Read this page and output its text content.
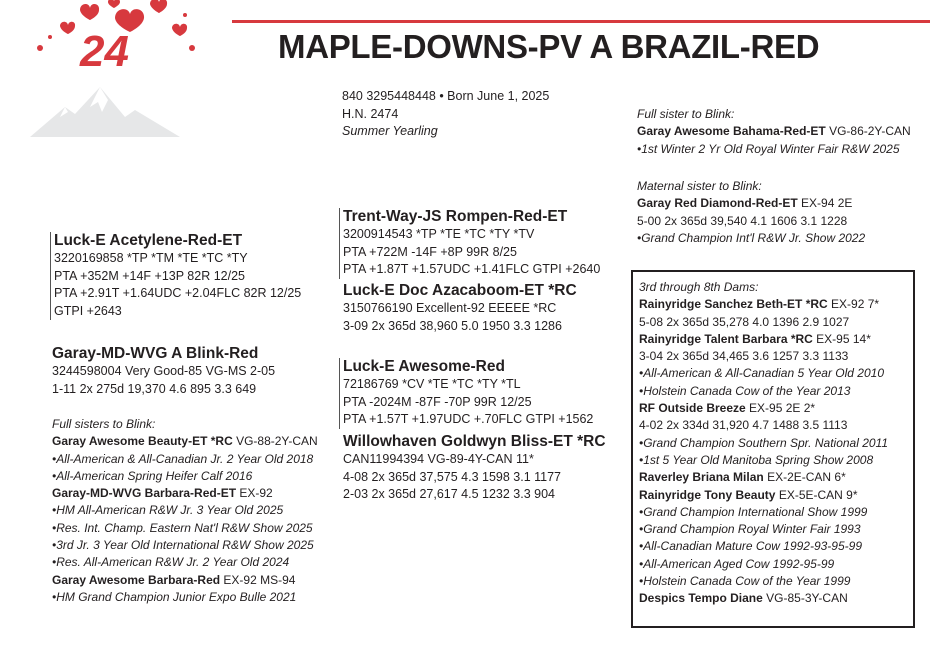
24	MAPLE-DOWNS-PV A BRAZIL-RED
840 3295448448 • Born June 1, 2025
H.N. 2474
Summer Yearling
Luck-E Acetylene-Red-ET
3220169858 *TP *TM *TE *TC *TY
PTA +352M +14F +13P 82R 12/25
PTA +2.91T +1.64UDC +2.04FLC 82R 12/25
GTPI +2643
Garay-MD-WVG A Blink-Red
3244598004 Very Good-85 VG-MS 2-05
1-11 2x 275d 19,370 4.6 895 3.3 649
Full sisters to Blink:
Garay Awesome Beauty-ET *RC VG-88-2Y-CAN
•All-American & All-Canadian Jr. 2 Year Old 2018
•All-American Spring Heifer Calf 2016
Garay-MD-WVG Barbara-Red-ET EX-92
•HM All-American R&W Jr. 3 Year Old 2025
•Res. Int. Champ. Eastern Nat'l R&W Show 2025
•3rd Jr. 3 Year Old International R&W Show 2025
•Res. All-American R&W Jr. 2 Year Old 2024
Garay Awesome Barbara-Red EX-92 MS-94
•HM Grand Champion Junior Expo Bulle 2021
Trent-Way-JS Rompen-Red-ET
3200914543 *TP *TE *TC *TY *TV
PTA +722M -14F +8P 99R 8/25
PTA +1.87T +1.57UDC +1.41FLC GTPI +2640
Luck-E Doc Azacaboom-ET *RC
3150766190 Excellent-92 EEEEE *RC
3-09 2x 365d 38,960 5.0 1950 3.3 1286
Luck-E Awesome-Red
72186769 *CV *TE *TC *TY *TL
PTA -2024M -87F -70P 99R 12/25
PTA +1.57T +1.97UDC +.70FLC GTPI +1562
Willowhaven Goldwyn Bliss-ET *RC
CAN11994394 VG-89-4Y-CAN 11*
4-08 2x 365d 37,575 4.3 1598 3.1 1177
2-03 2x 365d 27,617 4.5 1232 3.3 904
Full sister to Blink:
Garay Awesome Bahama-Red-ET VG-86-2Y-CAN
•1st Winter 2 Yr Old Royal Winter Fair R&W 2025
Maternal sister to Blink:
Garay Red Diamond-Red-ET EX-94 2E
5-00 2x 365d 39,540 4.1 1606 3.1 1228
•Grand Champion Int'l R&W Jr. Show 2022
3rd through 8th Dams:
Rainyridge Sanchez Beth-ET *RC EX-92 7*
5-08 2x 365d 35,278 4.0 1396 2.9 1027
Rainyridge Talent Barbara *RC EX-95 14*
3-04 2x 365d 34,465 3.6 1257 3.3 1133
•All-American & All-Canadian 5 Year Old 2010
•Holstein Canada Cow of the Year 2013
RF Outside Breeze EX-95 2E 2*
4-02 2x 334d 31,920 4.7 1488 3.5 1113
•Grand Champion Southern Spr. National 2011
•1st 5 Year Old Manitoba Spring Show 2008
Raverley Briana Milan EX-2E-CAN 6*
Rainyridge Tony Beauty EX-5E-CAN 9*
•Grand Champion International Show 1999
•Grand Champion Royal Winter Fair 1993
•All-Canadian Mature Cow 1992-93-95-99
•All-American Aged Cow 1992-95-99
•Holstein Canada Cow of the Year 1999
Despics Tempo Diane VG-85-3Y-CAN
